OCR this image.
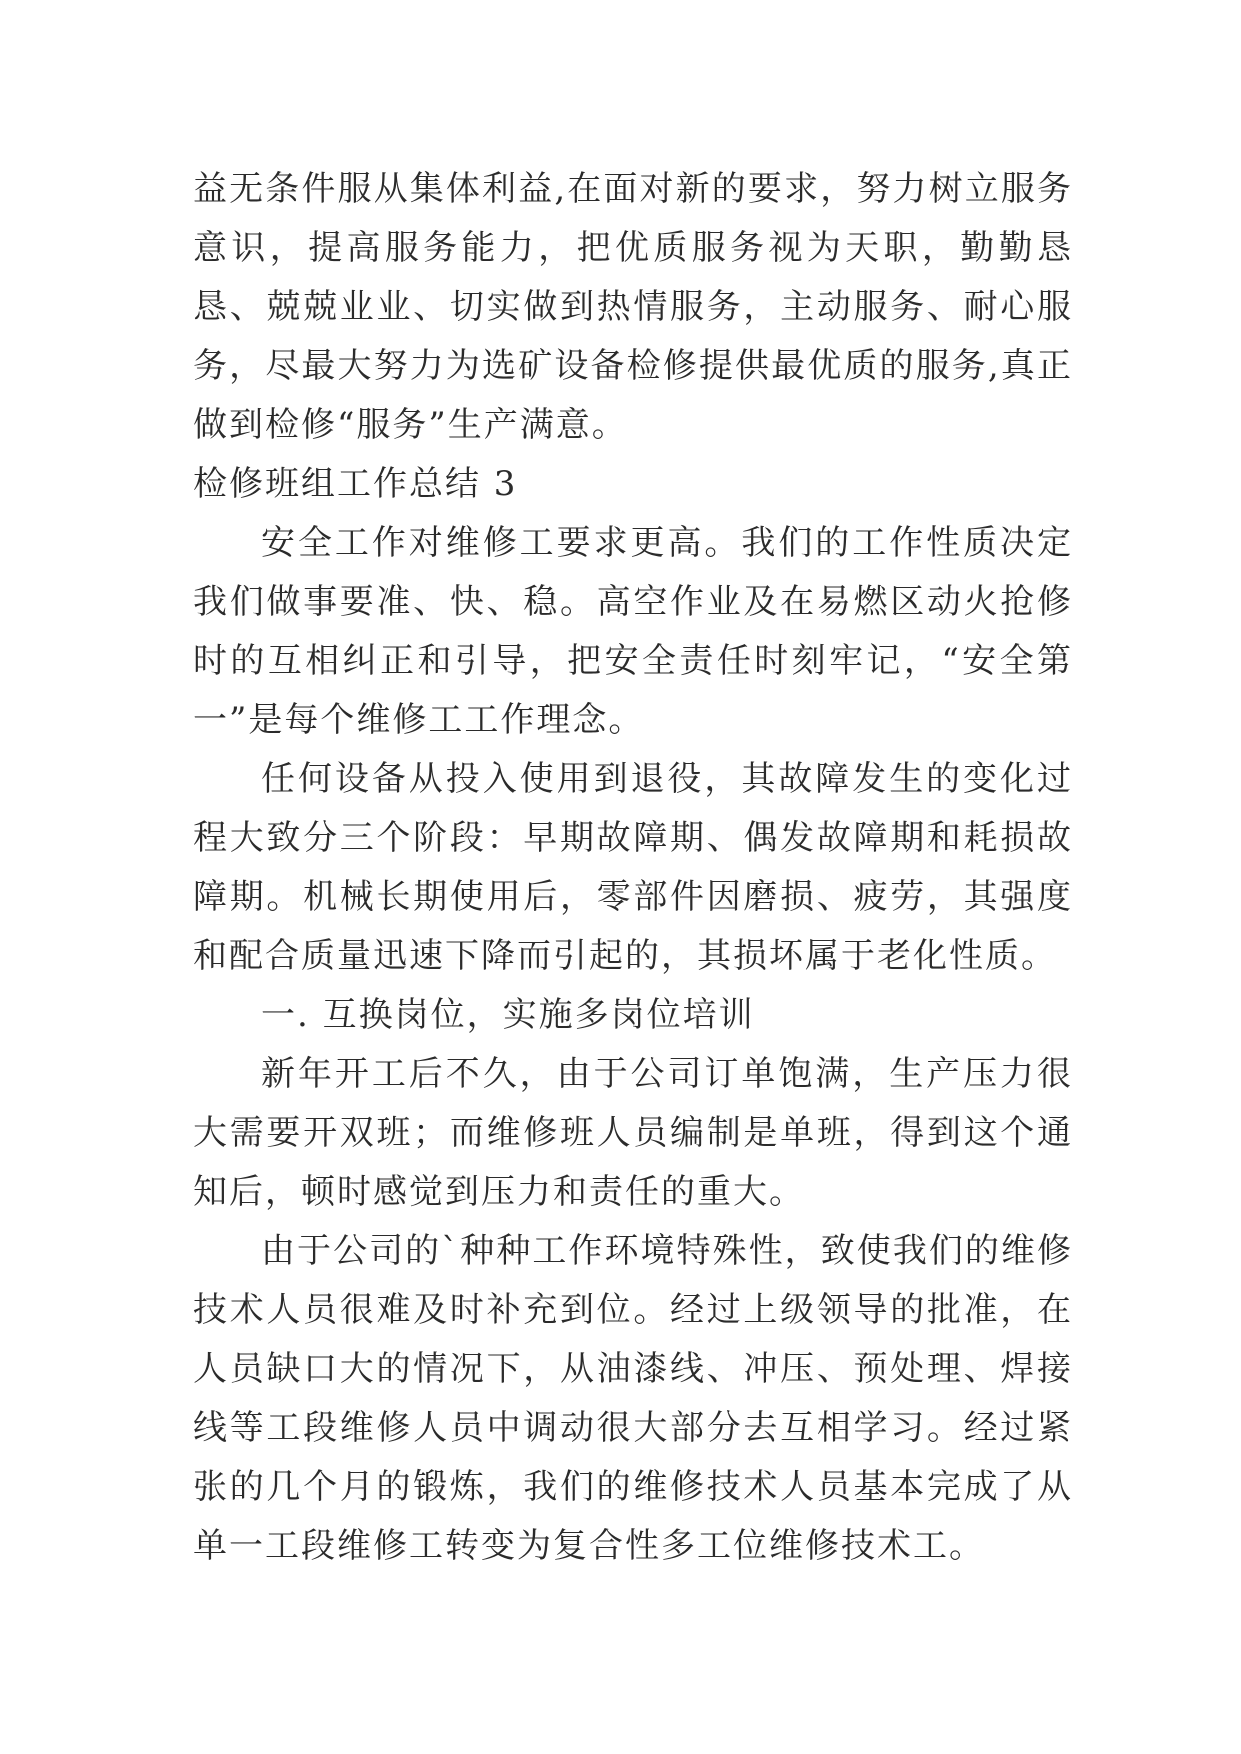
益无条件服从集体利益,在面对新的要求，努力树立服务意识，提高服务能力，把优质服务视为天职，勤勤恳恳、兢兢业业、切实做到热情服务，主动服务、耐心服务，尽最大努力为选矿设备检修提供最优质的服务,真正做到检修“服务”生产满意。

检修班组工作总结 3

安全工作对维修工要求更高。我们的工作性质决定我们做事要准、快、稳。高空作业及在易燃区动火抢修时的互相纠正和引导，把安全责任时刻牢记，“安全第一”是每个维修工工作理念。

任何设备从投入使用到退役，其故障发生的变化过程大致分三个阶段：早期故障期、偶发故障期和耗损故障期。机械长期使用后，零部件因磨损、疲劳，其强度和配合质量迅速下降而引起的，其损坏属于老化性质。

一. 互换岗位，实施多岗位培训

新年开工后不久，由于公司订单饱满，生产压力很大需要开双班；而维修班人员编制是单班，得到这个通知后，顿时感觉到压力和责任的重大。

由于公司的`种种工作环境特殊性，致使我们的维修技术人员很难及时补充到位。经过上级领导的批准，在人员缺口大的情况下，从油漆线、冲压、预处理、焊接线等工段维修人员中调动很大部分去互相学习。经过紧张的几个月的锻炼，我们的维修技术人员基本完成了从单一工段维修工转变为复合性多工位维修技术工。
